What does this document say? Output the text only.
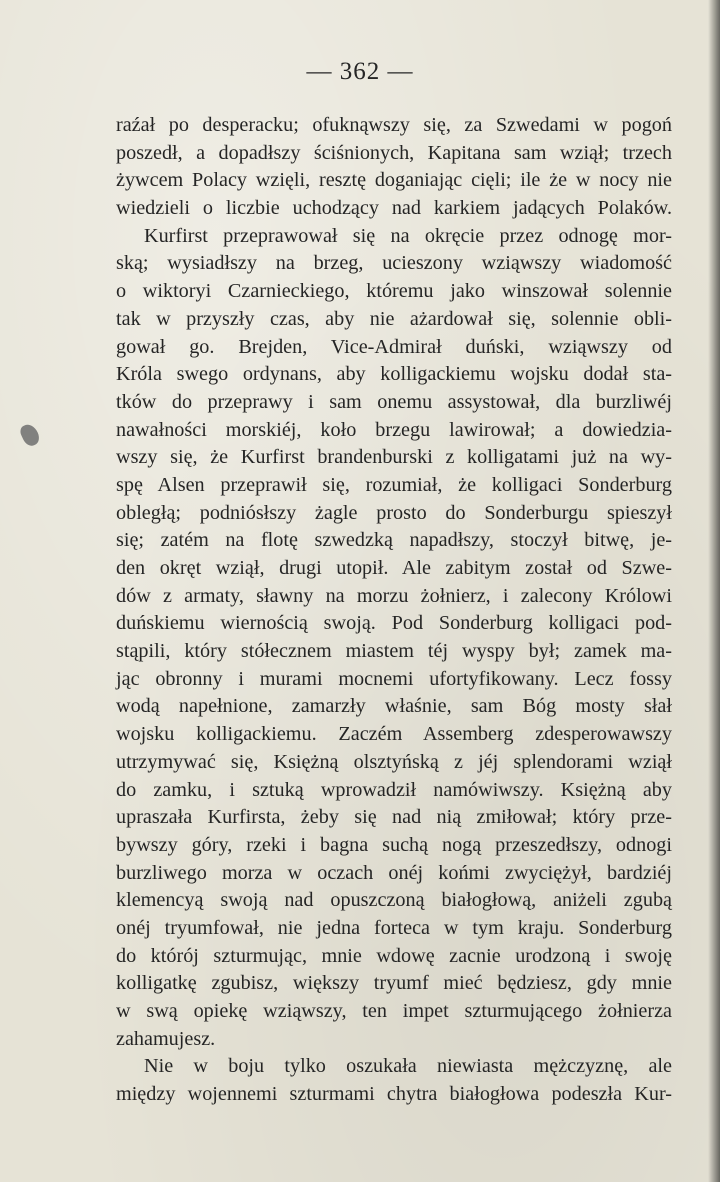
— 362 —
raźał po desperacku; ofuknąwszy się, za Szwedami w pogoń
poszedł, a dopadłszy ściśnionych, Kapitana sam wziął; trzech
żywcem Polacy wzięli, resztę doganiając cięli; ile że w nocy nie
wiedzieli o liczbie uchodzący nad karkiem jadących Polaków.
Kurfirst przeprawował się na okręcie przez odnogę mor-
ską; wysiadłszy na brzeg, ucieszony wziąwszy wiadomość
o wiktoryi Czarnieckiego, któremu jako winszował solennie
tak w przyszły czas, aby nie ażardował się, solennie obli-
gował go. Brejden, Vice-Admirał duński, wziąwszy od
Króla swego ordynans, aby kolligackiemu wojsku dodał sta-
tków do przeprawy i sam onemu assystował, dla burzliwéj
nawałności morskiéj, koło brzegu lawirował; a dowiedzia-
wszy się, że Kurfirst brandenburski z kolligatami już na wy-
spę Alsen przeprawił się, rozumiał, że kolligaci Sonderburg
obległą; podniósłszy żagle prosto do Sonderburgu spieszył
się; zatém na flotę szwedzką napadłszy, stoczył bitwę, je-
den okręt wziął, drugi utopił. Ale zabitym został od Szwe-
dów z armaty, sławny na morzu żołnierz, i zalecony Królowi
duńskiemu wiernością swoją. Pod Sonderburg kolligaci pod-
stąpili, który stółecznem miastem téj wyspy był; zamek ma-
jąc obronny i murami mocnemi ufortyfikowany. Lecz fossy
wodą napełnione, zamarzły właśnie, sam Bóg mosty słał
wojsku kolligackiemu. Zaczém Assemberg zdesperowawszy
utrzymywać się, Księżną olsztyńską z jéj splendorami wziął
do zamku, i sztuką wprowadził namówiwszy. Księżną aby
upraszała Kurfirsta, żeby się nad nią zmiłował; który prze-
bywszy góry, rzeki i bagna suchą nogą przeszedłszy, odnogi
burzliwego morza w oczach onéj końmi zwyciężył, bardziéj
klemencyą swoją nad opuszczoną białogłową, aniżeli zgubą
onéj tryumfował, nie jedna forteca w tym kraju. Sonderburg
do którój szturmując, mnie wdowę zacnie urodzoną i swoję
kolligatkę zgubisz, większy tryumf mieć będziesz, gdy mnie
w swą opiekę wziąwszy, ten impet szturmującego żołnierza
zahamujesz.
Nie w boju tylko oszukała niewiasta mężczyznę, ale
między wojennemi szturmami chytra białogłowa podeszła Kur-
